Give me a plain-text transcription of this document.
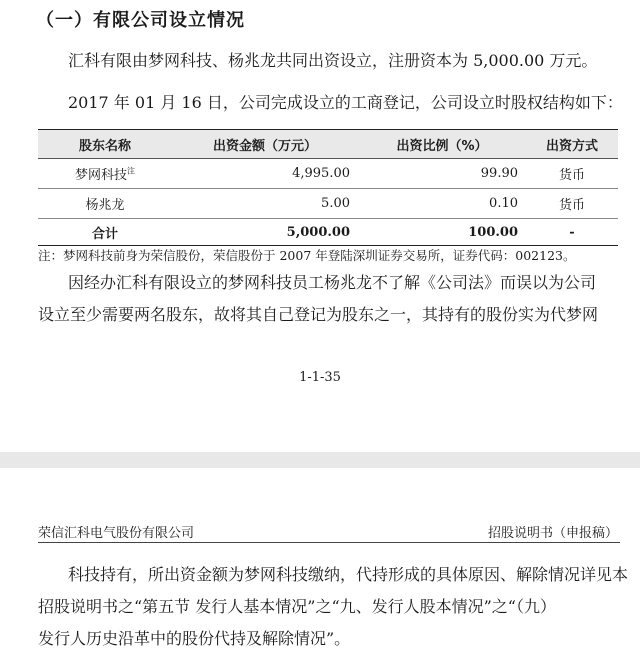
（一）有限公司设立情况
汇科有限由梦网科技、杨兆龙共同出资设立，注册资本为 5,000.00 万元。
2017 年 01 月 16 日，公司完成设立的工商登记，公司设立时股权结构如下：
股东名称	出资金额（万元）	出资比例（%）	出资方式
梦网科技$^注$	4,995.00	99.90	货币
杨兆龙	5.00	0.10	货币
合计	5,000.00	100.00	-
注：梦网科技前身为荣信股份，荣信股份于 2007 年登陆深圳证券交易所，证券代码：002123。
因经办汇科有限设立的梦网科技员工杨兆龙不了解《公司法》而误以为公司
设立至少需要两名股东，故将其自己登记为股东之一，其持有的股份实为代梦网
1-1-35
荣信汇科电气股份有限公司	招股说明书（申报稿）
科技持有，所出资金额为梦网科技缴纳，代持形成的具体原因、解除情况详见本
招股说明书之“第五节 发行人基本情况”之“九、发行人股本情况”之“（九）
发行人历史沿革中的股份代持及解除情况”。
